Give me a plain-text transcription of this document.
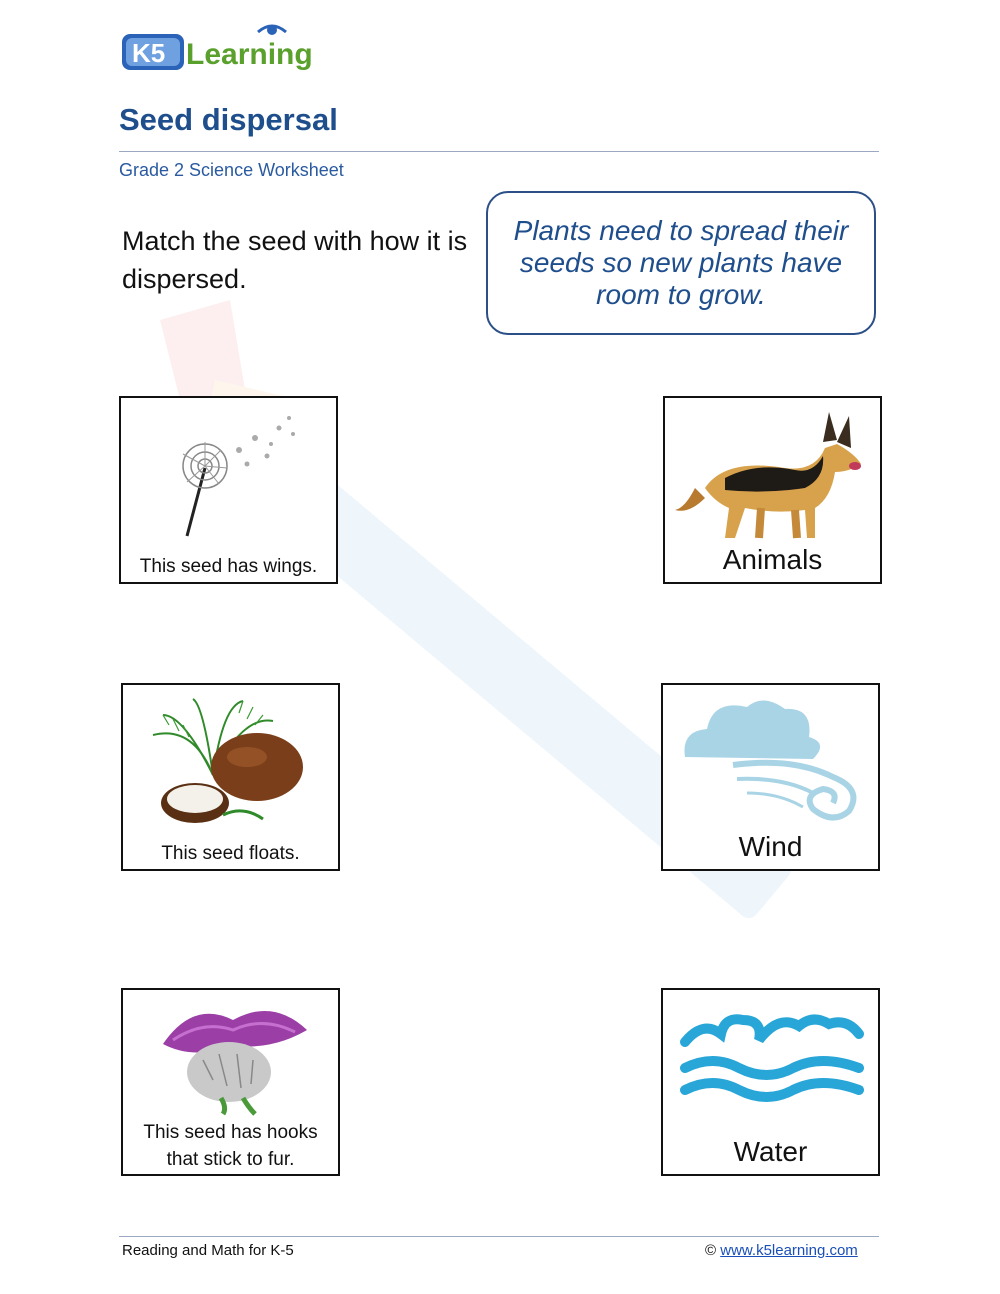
K5 Learning
Seed dispersal
Grade 2 Science Worksheet
Match the seed with how it is dispersed.
Plants need to spread their seeds so new plants have room to grow.
This seed has wings.
This seed floats.
This seed has hooks
that stick to fur.
Animals
Wind
Water
Reading and Math for K-5	© www.k5learning.com
